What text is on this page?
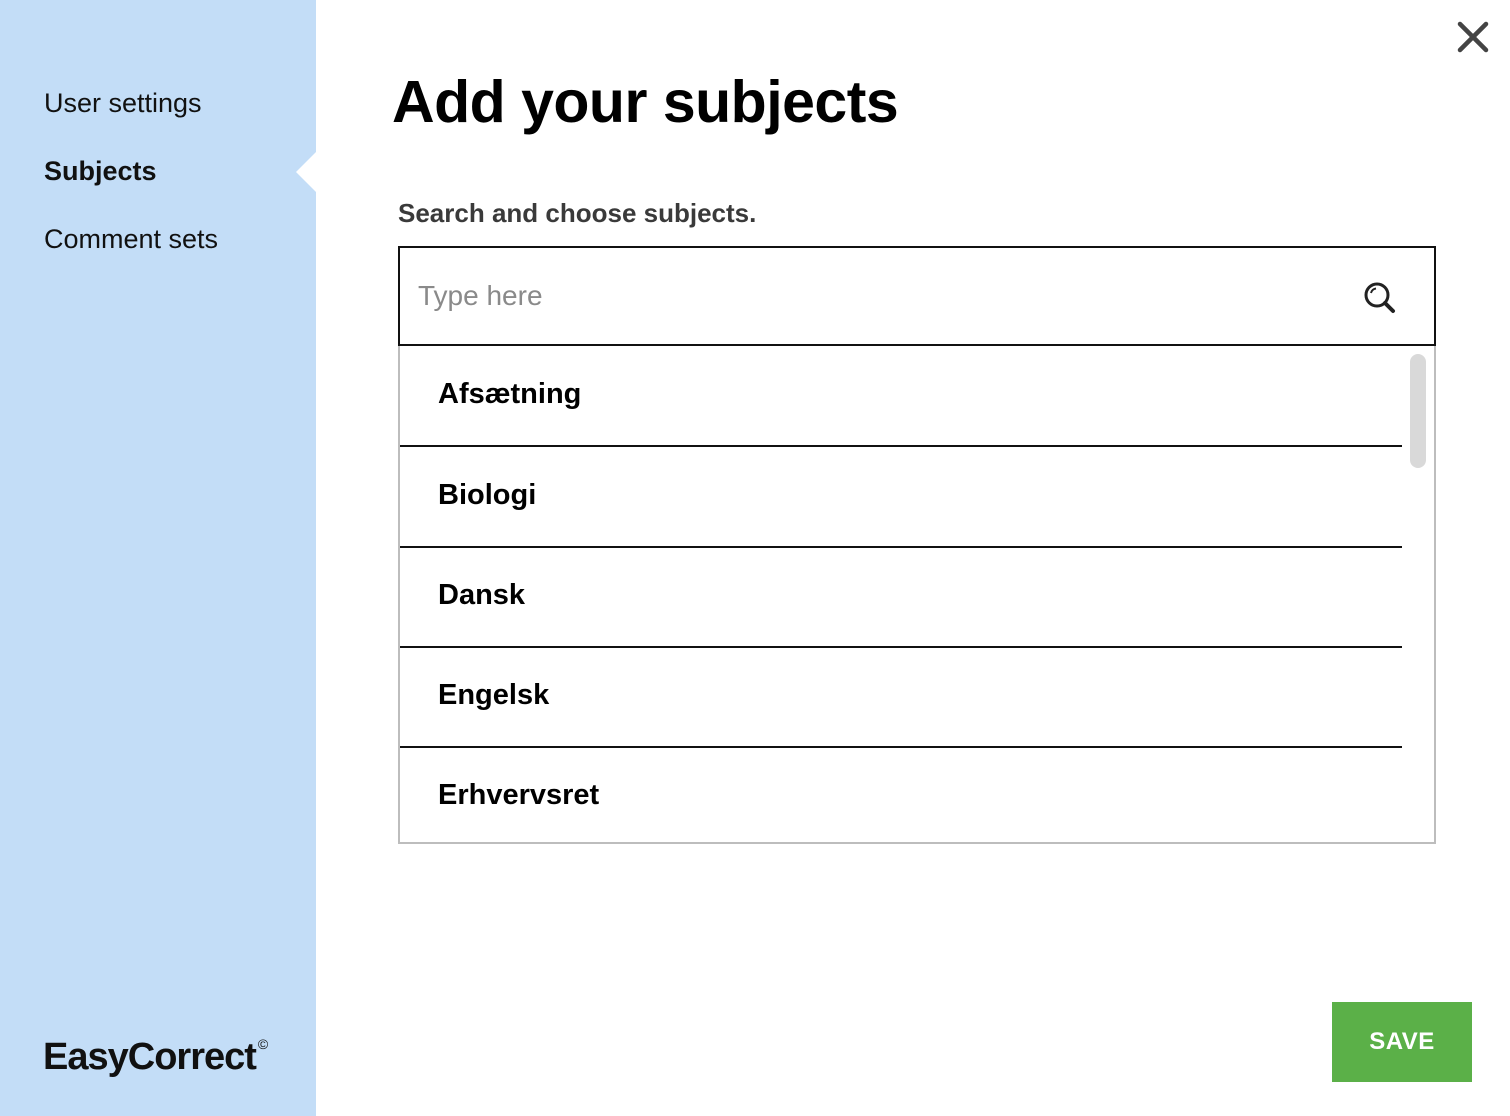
User settings
Subjects
Comment sets
EasyCorrect ©
Add your subjects
Search and choose subjects.
Type here
Afsætning
Biologi
Dansk
Engelsk
Erhvervsret
SAVE
